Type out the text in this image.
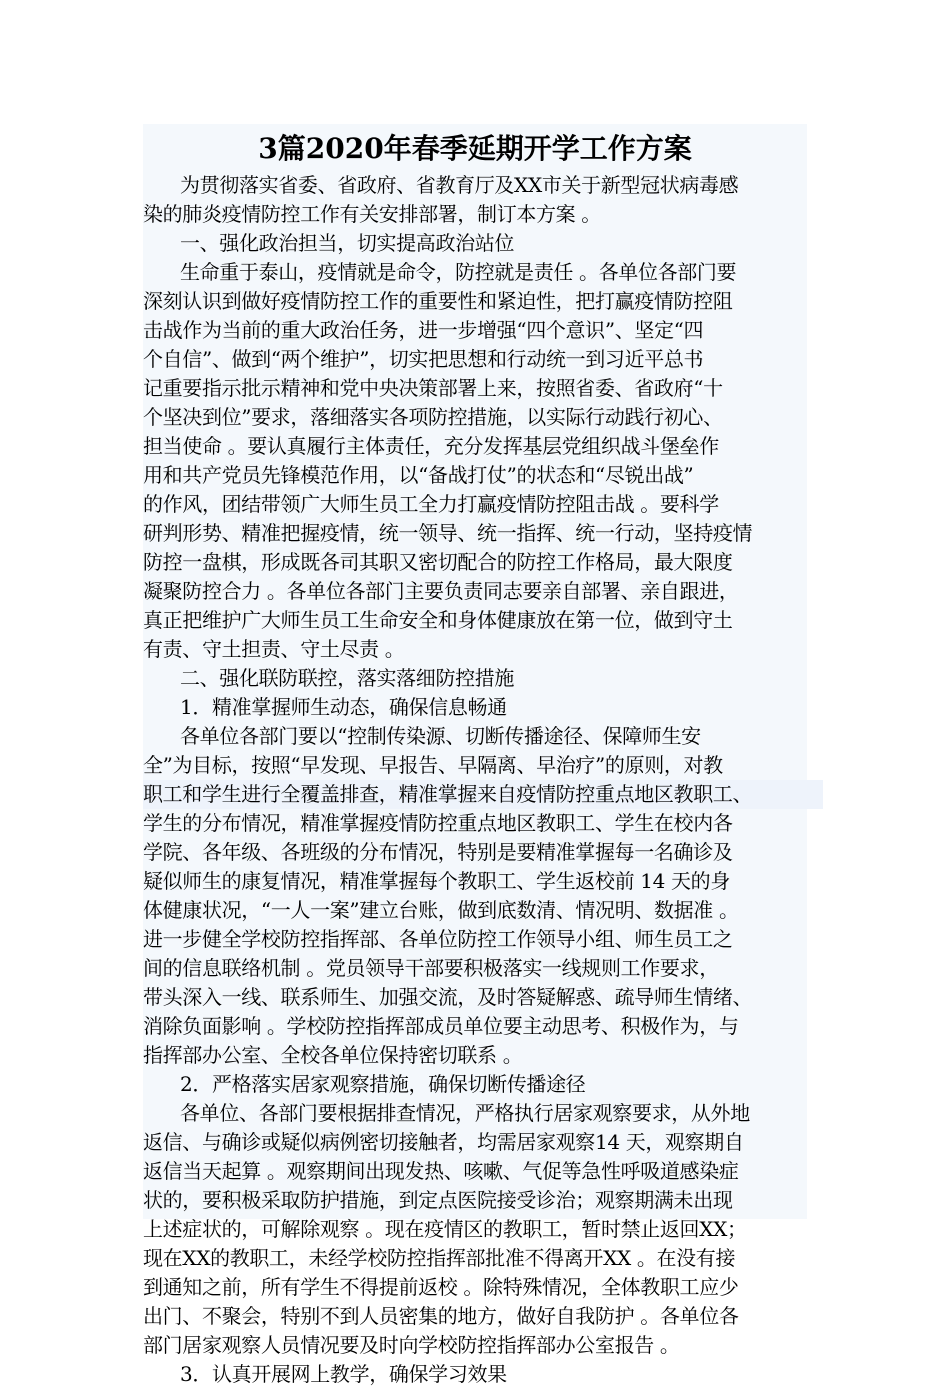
3篇2020年春季延期开学工作方案
为贯彻落实省委、省政府、省教育厅及XX市关于新型冠状病毒感
染的肺炎疫情防控工作有关安排部署，制订本方案 。
一、强化政治担当，切实提高政治站位
生命重于泰山，疫情就是命令，防控就是责任 。各单位各部门要
深刻认识到做好疫情防控工作的重要性和紧迫性，把打赢疫情防控阻
击战作为当前的重大政治任务，进一步增强“四个意识”、坚定“四
个自信”、做到“两个维护”，切实把思想和行动统一到习近平总书
记重要指示批示精神和党中央决策部署上来，按照省委、省政府“十
个坚决到位”要求，落细落实各项防控措施，以实际行动践行初心、
担当使命 。要认真履行主体责任，充分发挥基层党组织战斗堡垒作
用和共产党员先锋模范作用，以“备战打仗”的状态和“尽锐出战”
的作风，团结带领广大师生员工全力打赢疫情防控阻击战 。要科学
研判形势、精准把握疫情，统一领导、统一指挥、统一行动，坚持疫情
防控一盘棋，形成既各司其职又密切配合的防控工作格局，最大限度
凝聚防控合力 。各单位各部门主要负责同志要亲自部署、亲自跟进，
真正把维护广大师生员工生命安全和身体健康放在第一位，做到守土
有责、守土担责、守土尽责 。
二、强化联防联控，落实落细防控措施
1．精准掌握师生动态，确保信息畅通
各单位各部门要以“控制传染源、切断传播途径、保障师生安
全”为目标，按照“早发现、早报告、早隔离、早治疗”的原则，对教
职工和学生进行全覆盖排查，精准掌握来自疫情防控重点地区教职工、
学生的分布情况，精准掌握疫情防控重点地区教职工、学生在校内各
学院、各年级、各班级的分布情况，特别是要精准掌握每一名确诊及
疑似师生的康复情况，精准掌握每个教职工、学生返校前 14 天的身
体健康状况，“一人一案”建立台账，做到底数清、情况明、数据准 。
进一步健全学校防控指挥部、各单位防控工作领导小组、师生员工之
间的信息联络机制 。党员领导干部要积极落实一线规则工作要求，
带头深入一线、联系师生、加强交流，及时答疑解惑、疏导师生情绪、
消除负面影响 。学校防控指挥部成员单位要主动思考、积极作为，与
指挥部办公室、全校各单位保持密切联系 。
2．严格落实居家观察措施，确保切断传播途径
各单位、各部门要根据排查情况，严格执行居家观察要求，从外地
返信、与确诊或疑似病例密切接触者，均需居家观察14 天，观察期自
返信当天起算 。观察期间出现发热、咳嗽、气促等急性呼吸道感染症
状的，要积极采取防护措施，到定点医院接受诊治；观察期满未出现
上述症状的，可解除观察 。现在疫情区的教职工，暂时禁止返回XX；
现在XX的教职工，未经学校防控指挥部批准不得离开XX 。在没有接
到通知之前，所有学生不得提前返校 。除特殊情况，全体教职工应少
出门、不聚会，特别不到人员密集的地方，做好自我防护 。各单位各
部门居家观察人员情况要及时向学校防控指挥部办公室报告 。
3．认真开展网上教学，确保学习效果
